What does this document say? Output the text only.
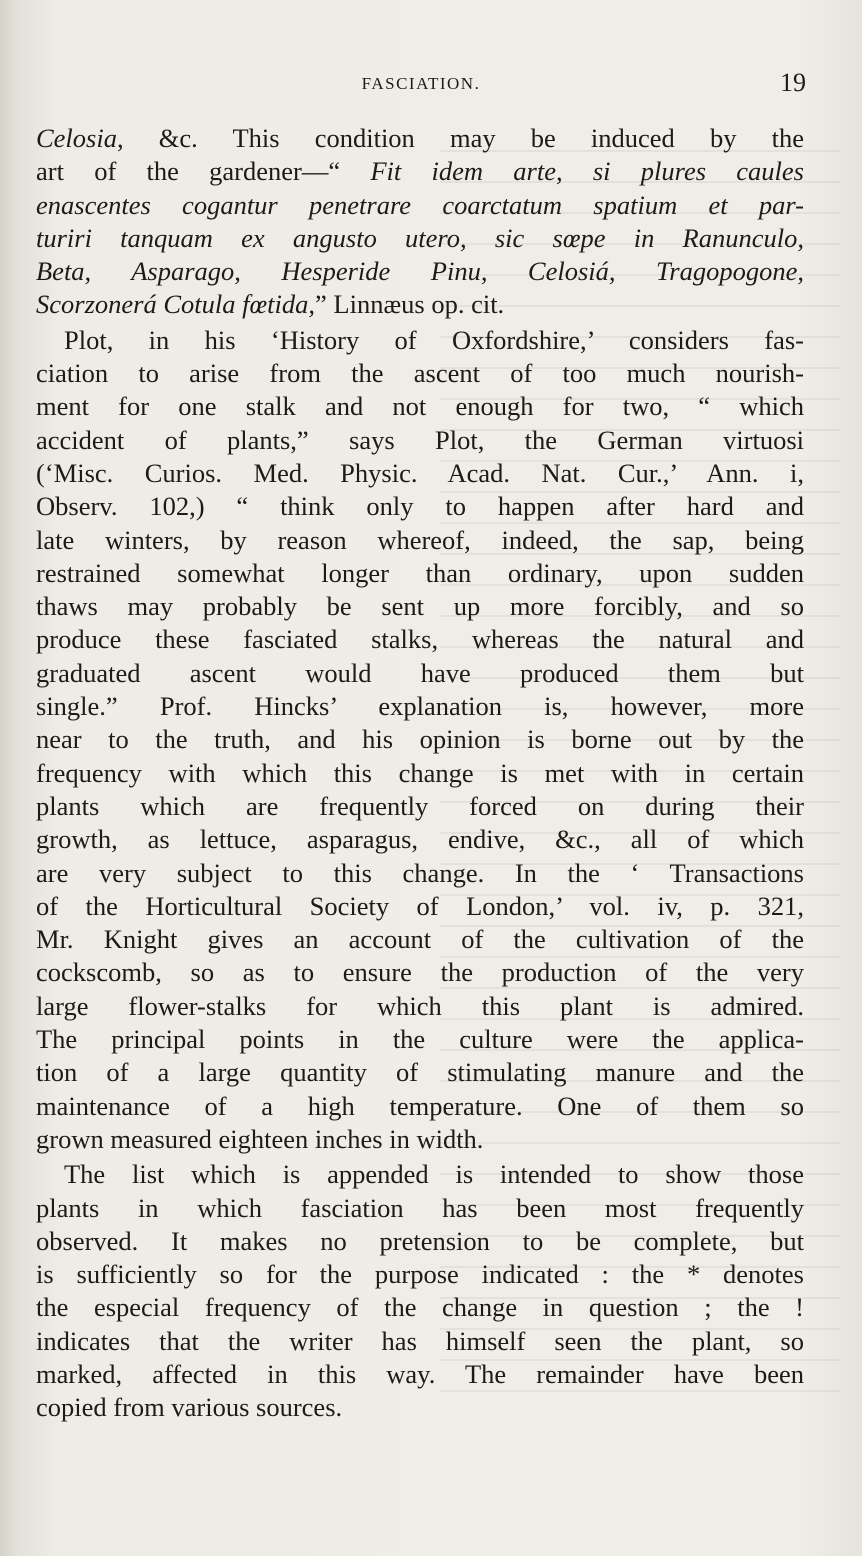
FASCIATION.	19
Celosia, &c. This condition may be induced by the
art of the gardener—“ Fit idem arte, si plures caules
enascentes cogantur penetrare coarctatum spatium et par-
turiri tanquam ex angusto utero, sic sœpe in Ranunculo,
Beta, Asparago, Hesperide Pinu, Celosiá, Tragopogone,
Scorzonerá Cotula fœtida,” Linnæus op. cit.
Plot, in his ‘History of Oxfordshire,’ considers fas-
ciation to arise from the ascent of too much nourish-
ment for one stalk and not enough for two, “ which
accident of plants,” says Plot, the German virtuosi
(‘Misc. Curios. Med. Physic. Acad. Nat. Cur.,’ Ann. i,
Observ. 102,) “ think only to happen after hard and
late winters, by reason whereof, indeed, the sap, being
restrained somewhat longer than ordinary, upon sudden
thaws may probably be sent up more forcibly, and so
produce these fasciated stalks, whereas the natural and
graduated ascent would have produced them but
single.” Prof. Hincks’ explanation is, however, more
near to the truth, and his opinion is borne out by the
frequency with which this change is met with in certain
plants which are frequently forced on during their
growth, as lettuce, asparagus, endive, &c., all of which
are very subject to this change. In the ‘ Transactions
of the Horticultural Society of London,’ vol. iv, p. 321,
Mr. Knight gives an account of the cultivation of the
cockscomb, so as to ensure the production of the very
large flower-stalks for which this plant is admired.
The principal points in the culture were the applica-
tion of a large quantity of stimulating manure and the
maintenance of a high temperature. One of them so
grown measured eighteen inches in width.
The list which is appended is intended to show those
plants in which fasciation has been most frequently
observed. It makes no pretension to be complete, but
is sufficiently so for the purpose indicated : the * denotes
the especial frequency of the change in question ; the !
indicates that the writer has himself seen the plant, so
marked, affected in this way. The remainder have been
copied from various sources.
